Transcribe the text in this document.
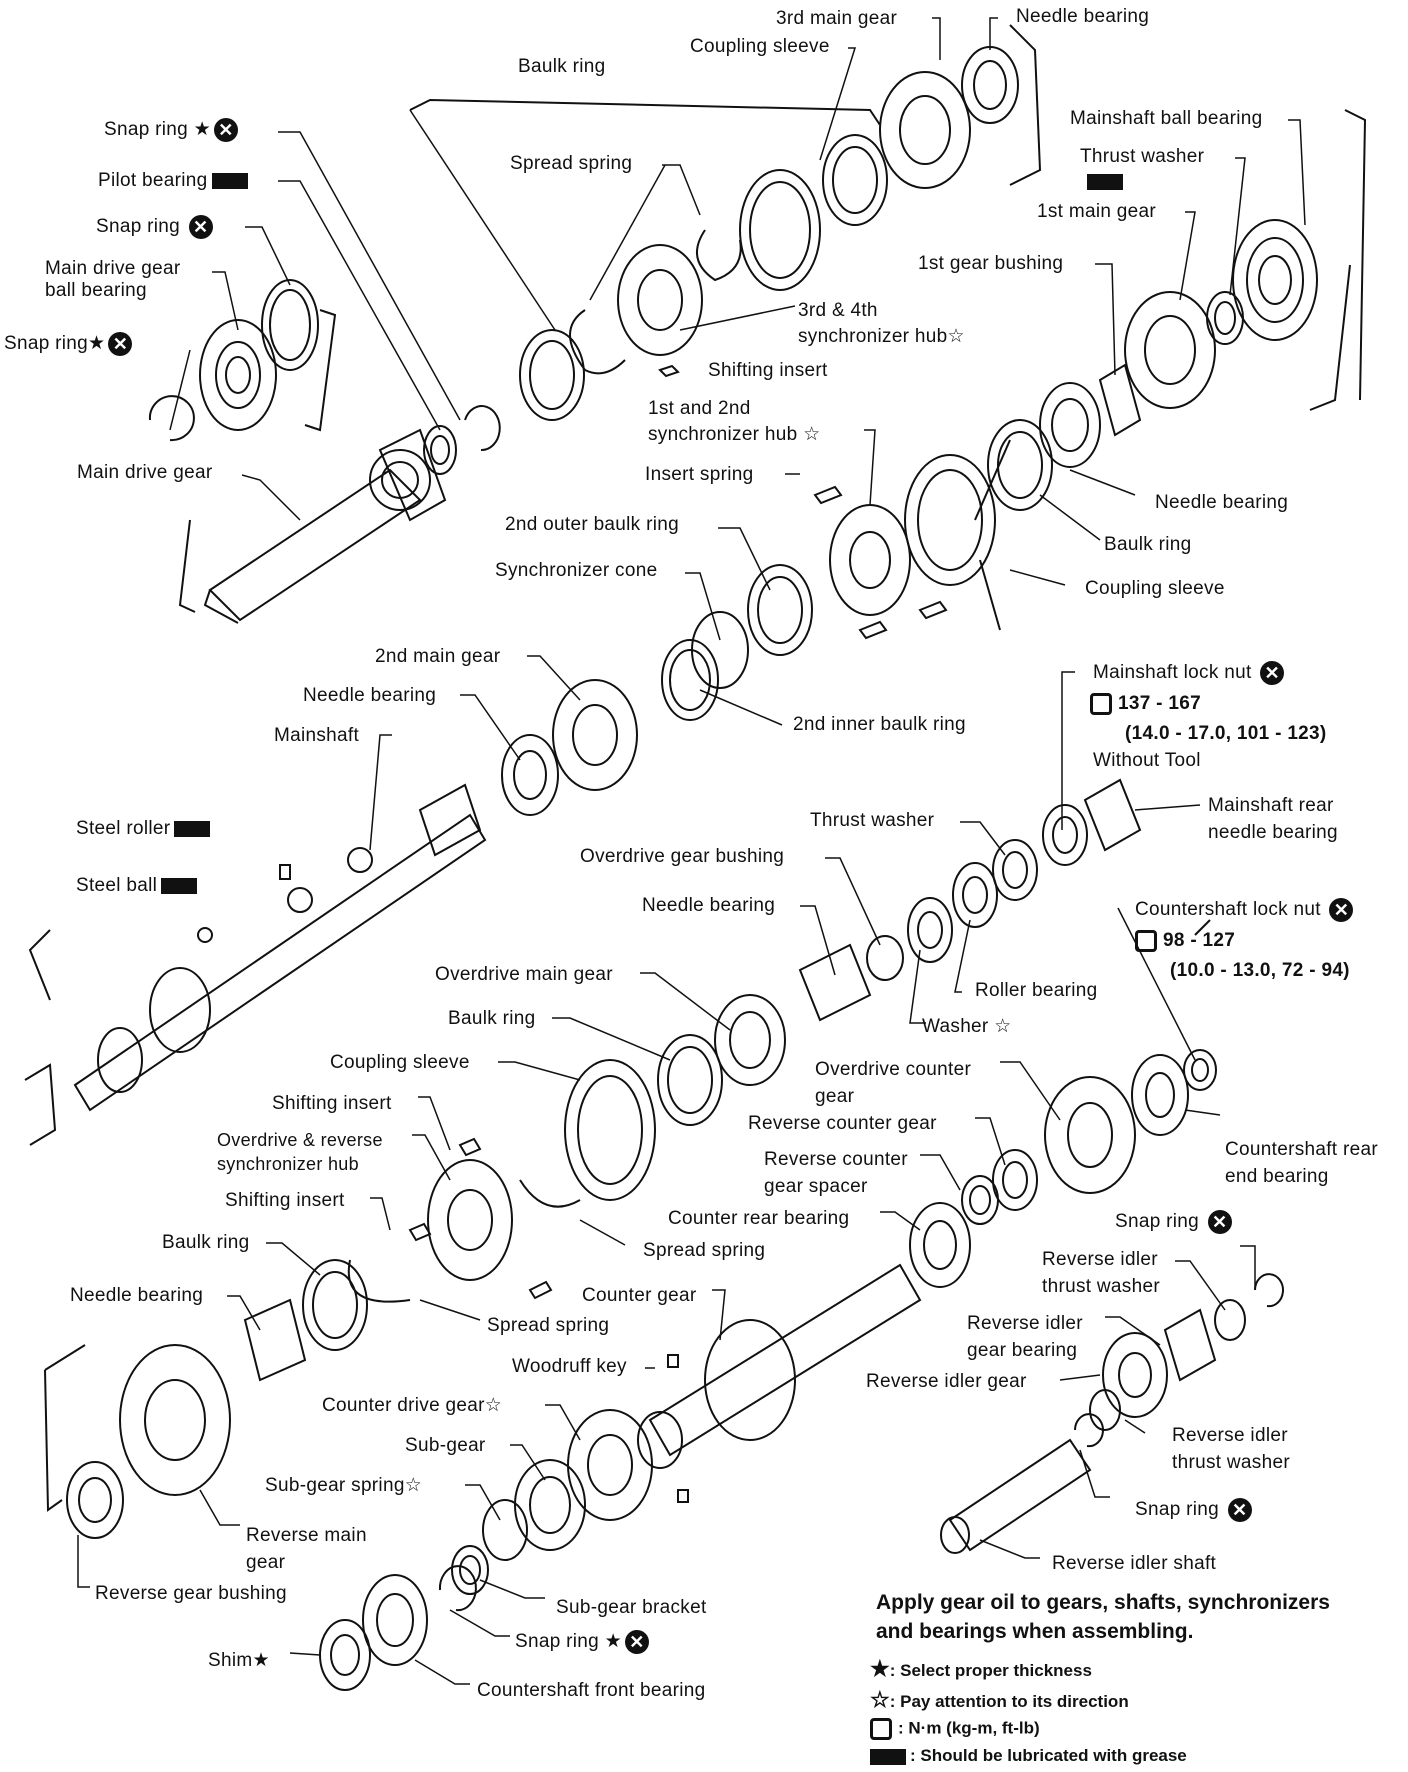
3rd main gear	Needle bearing
Coupling sleeve
Baulk ring
Mainshaft ball bearing
Thrust washer
Snap ring ★ ✕
Spread spring
1st main gear
Pilot bearing
Snap ring ✕
1st gear bushing
Main drive gear
ball bearing
3rd & 4th
synchronizer hub☆
Snap ring★ ✕
Shifting insert
1st and 2nd
synchronizer hub ☆
Main drive gear	Insert spring
Needle bearing
2nd outer baulk ring
Baulk ring
Synchronizer cone
Coupling sleeve
2nd main gear
Mainshaft lock nut ✕
137 - 167
(14.0 - 17.0, 101 - 123)
Without Tool
Needle bearing
2nd inner baulk ring
Mainshaft
Thrust washer
Mainshaft rear
needle bearing
Steel roller
Overdrive gear bushing
Steel ball
Needle bearing	Countershaft lock nut ✕
98 - 127
(10.0 - 13.0, 72 - 94)
Overdrive main gear
Roller bearing
Baulk ring	Washer ☆
Coupling sleeve	Overdrive counter
gear
Shifting insert
Reverse counter gear
Countershaft rear
end bearing
Overdrive & reverse
synchronizer hub	Reverse counter
gear spacer
Shifting insert
Counter rear bearing	Snap ring ✕
Baulk ring	Spread spring	Reverse idler
thrust washer
Needle bearing	Counter gear
Spread spring	Reverse idler
gear bearing
Woodruff key
Reverse idler gear
Counter drive gear☆
Reverse idler
thrust washer
Sub-gear
Sub-gear spring☆
Snap ring ✕
Reverse main
gear	Reverse idler shaft
Reverse gear bushing
Sub-gear bracket
Snap ring ★ ✕
Shim★
Countershaft front bearing
Apply gear oil to gears, shafts, synchronizers
and bearings when assembling.
★: Select proper thickness
☆: Pay attention to its direction
: N·m (kg-m, ft-lb)
: Should be lubricated with grease
